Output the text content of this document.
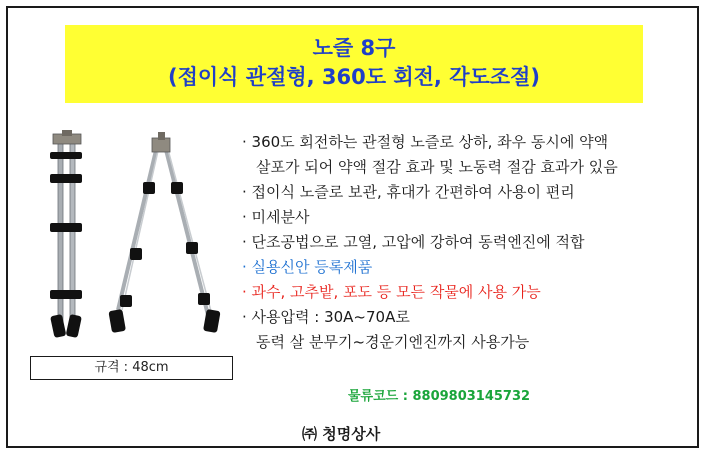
노즐 8구
(접이식 관절형, 360도 회전, 각도조절)
규격 : 48cm
· 360도 회전하는 관절형 노즐로 상하, 좌우 동시에 약액
살포가 되어 약액 절감 효과 및 노동력 절감 효과가 있음
· 접이식 노즐로 보관, 휴대가 간편하여 사용이 편리
· 미세분사
· 단조공법으로 고열, 고압에 강하여 동력엔진에 적합
· 실용신안 등록제품
· 과수, 고추밭, 포도 등 모든 작물에 사용 가능
· 사용압력 : 30A~70A로
동력 살 분무기~경운기엔진까지 사용가능
물류코드 : 8809803145732
㈜ 청명상사
